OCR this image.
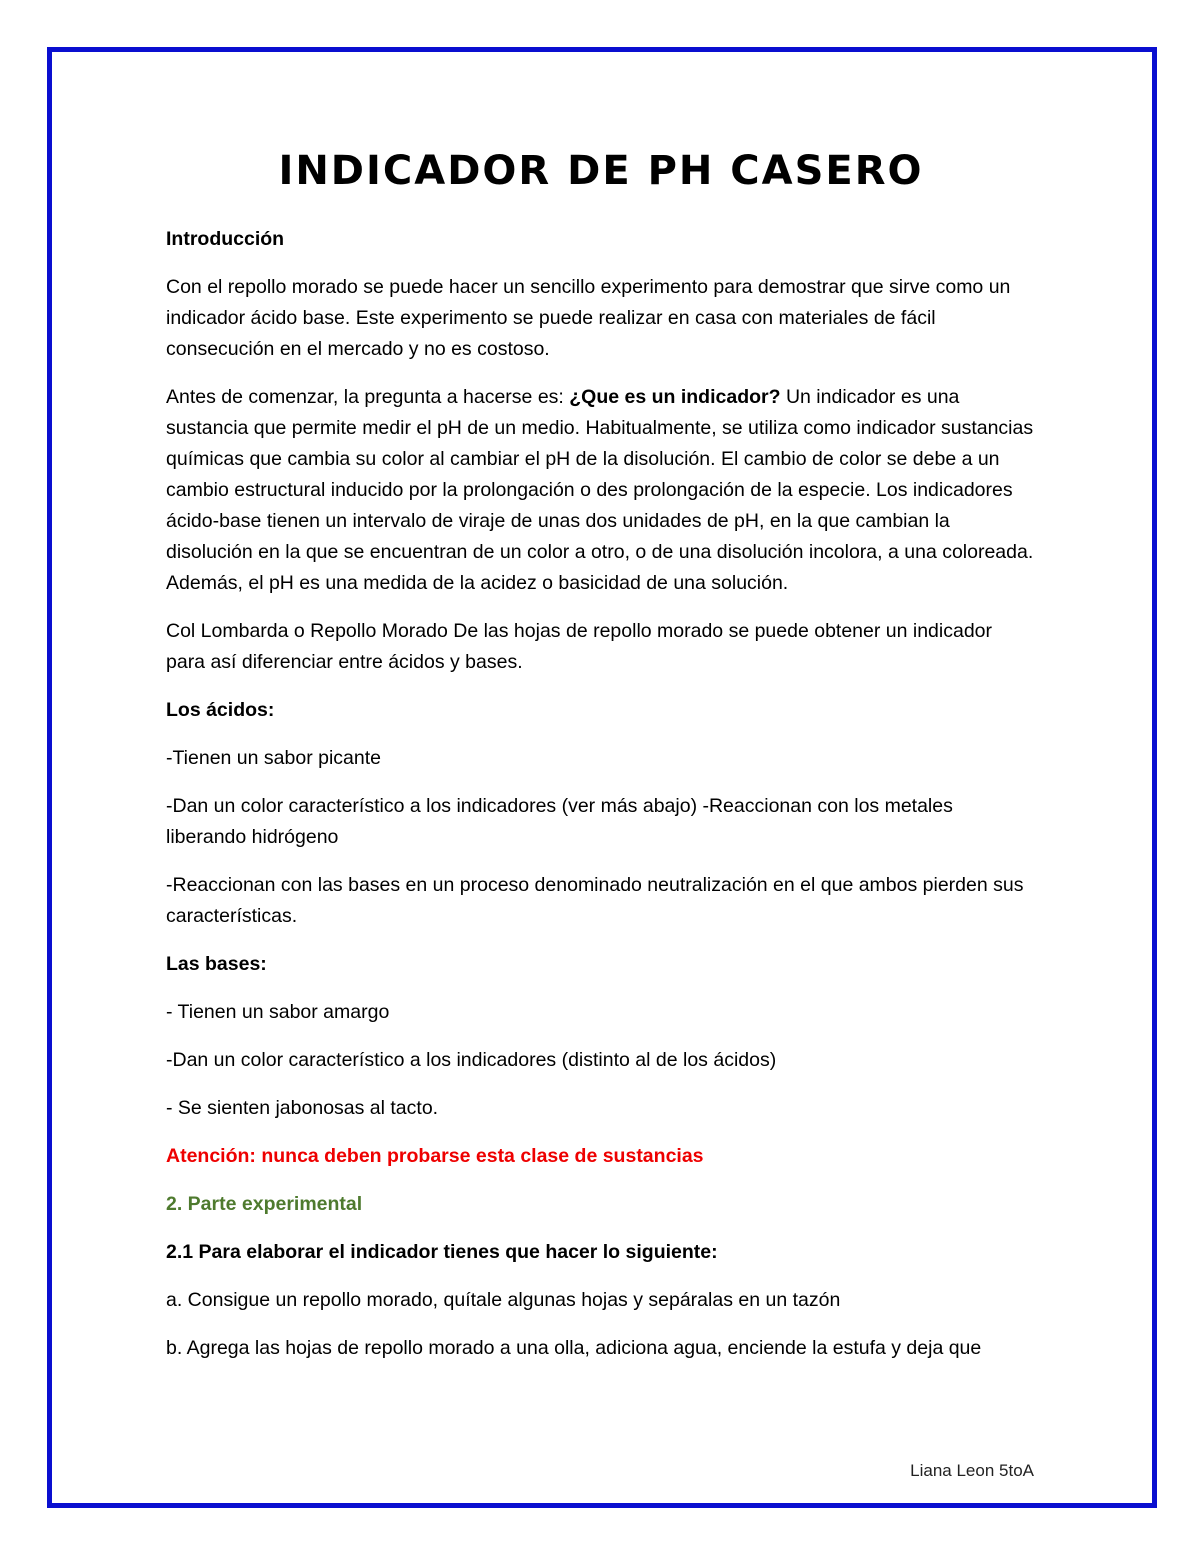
INDICADOR DE PH CASERO

Introducción

Con el repollo morado se puede hacer un sencillo experimento para demostrar que sirve como un indicador ácido base. Este experimento se puede realizar en casa con materiales de fácil consecución en el mercado y no es costoso.

Antes de comenzar, la pregunta a hacerse es: ¿Que es un indicador? Un indicador es una sustancia que permite medir el pH de un medio. Habitualmente, se utiliza como indicador sustancias químicas que cambia su color al cambiar el pH de la disolución. El cambio de color se debe a un cambio estructural inducido por la prolongación o des prolongación de la especie. Los indicadores ácido-base tienen un intervalo de viraje de unas dos unidades de pH, en la que cambian la disolución en la que se encuentran de un color a otro, o de una disolución incolora, a una coloreada. Además, el pH es una medida de la acidez o basicidad de una solución.

Col Lombarda o Repollo Morado De las hojas de repollo morado se puede obtener un indicador para así diferenciar entre ácidos y bases.

Los ácidos:

-Tienen un sabor picante

-Dan un color característico a los indicadores (ver más abajo) -Reaccionan con los metales liberando hidrógeno

-Reaccionan con las bases en un proceso denominado neutralización en el que ambos pierden sus características.

Las bases:

- Tienen un sabor amargo

-Dan un color característico a los indicadores (distinto al de los ácidos)

- Se sienten jabonosas al tacto.

Atención: nunca deben probarse esta clase de sustancias

2. Parte experimental

2.1 Para elaborar el indicador tienes que hacer lo siguiente:

a. Consigue un repollo morado, quítale algunas hojas y sepáralas en un tazón

b. Agrega las hojas de repollo morado a una olla, adiciona agua, enciende la estufa y deja que

Liana Leon 5toA
